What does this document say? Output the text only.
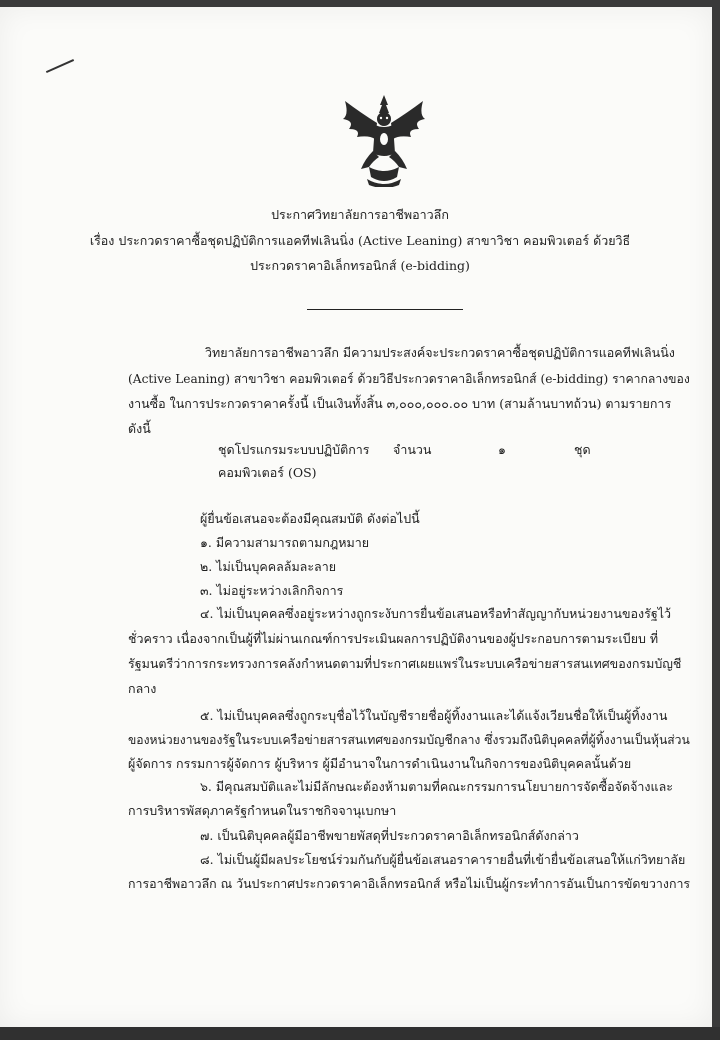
ประกาศวิทยาลัยการอาชีพอาวลึก
เรื่อง ประกวดราคาซื้อชุดปฏิบัติการแอคทีฟเลินนิ่ง (Active Leaning) สาขาวิชา คอมพิวเตอร์ ด้วยวิธี
ประกวดราคาอิเล็กทรอนิกส์ (e-bidding)
วิทยาลัยการอาชีพอาวลึก มีความประสงค์จะประกวดราคาซื้อชุดปฏิบัติการแอคทีฟเลินนิ่ง
(Active Leaning) สาขาวิชา คอมพิวเตอร์ ด้วยวิธีประกวดราคาอิเล็กทรอนิกส์ (e-bidding) ราคากลางของ
งานซื้อ ในการประกวดราคาครั้งนี้ เป็นเงินทั้งสิ้น ๓,๐๐๐,๐๐๐.๐๐ บาท (สามล้านบาทถ้วน) ตามรายการ
ดังนี้
ชุดโปรแกรมระบบปฏิบัติการ
คอมพิวเตอร์ (OS)
จำนวน	๑	ชุด
ผู้ยื่นข้อเสนอจะต้องมีคุณสมบัติ ดังต่อไปนี้
๑. มีความสามารถตามกฎหมาย
๒. ไม่เป็นบุคคลล้มละลาย
๓. ไม่อยู่ระหว่างเลิกกิจการ
๔. ไม่เป็นบุคคลซึ่งอยู่ระหว่างถูกระงับการยื่นข้อเสนอหรือทำสัญญากับหน่วยงานของรัฐไว้
ชั่วคราว เนื่องจากเป็นผู้ที่ไม่ผ่านเกณฑ์การประเมินผลการปฏิบัติงานของผู้ประกอบการตามระเบียบ ที่
รัฐมนตรีว่าการกระทรวงการคลังกำหนดตามที่ประกาศเผยแพร่ในระบบเครือข่ายสารสนเทศของกรมบัญชี
กลาง
๕. ไม่เป็นบุคคลซึ่งถูกระบุชื่อไว้ในบัญชีรายชื่อผู้ทิ้งงานและได้แจ้งเวียนชื่อให้เป็นผู้ทิ้งงาน
ของหน่วยงานของรัฐในระบบเครือข่ายสารสนเทศของกรมบัญชีกลาง ซึ่งรวมถึงนิติบุคคลที่ผู้ทิ้งงานเป็นหุ้นส่วน
ผู้จัดการ กรรมการผู้จัดการ ผู้บริหาร ผู้มีอำนาจในการดำเนินงานในกิจการของนิติบุคคลนั้นด้วย
๖. มีคุณสมบัติและไม่มีลักษณะต้องห้ามตามที่คณะกรรมการนโยบายการจัดซื้อจัดจ้างและ
การบริหารพัสดุภาครัฐกำหนดในราชกิจจานุเบกษา
๗. เป็นนิติบุคคลผู้มีอาชีพขายพัสดุที่ประกวดราคาอิเล็กทรอนิกส์ดังกล่าว
๘. ไม่เป็นผู้มีผลประโยชน์ร่วมกันกับผู้ยื่นข้อเสนอราคารายอื่นที่เข้ายื่นข้อเสนอให้แก่วิทยาลัย
การอาชีพอาวลึก ณ วันประกาศประกวดราคาอิเล็กทรอนิกส์ หรือไม่เป็นผู้กระทำการอันเป็นการขัดขวางการ
